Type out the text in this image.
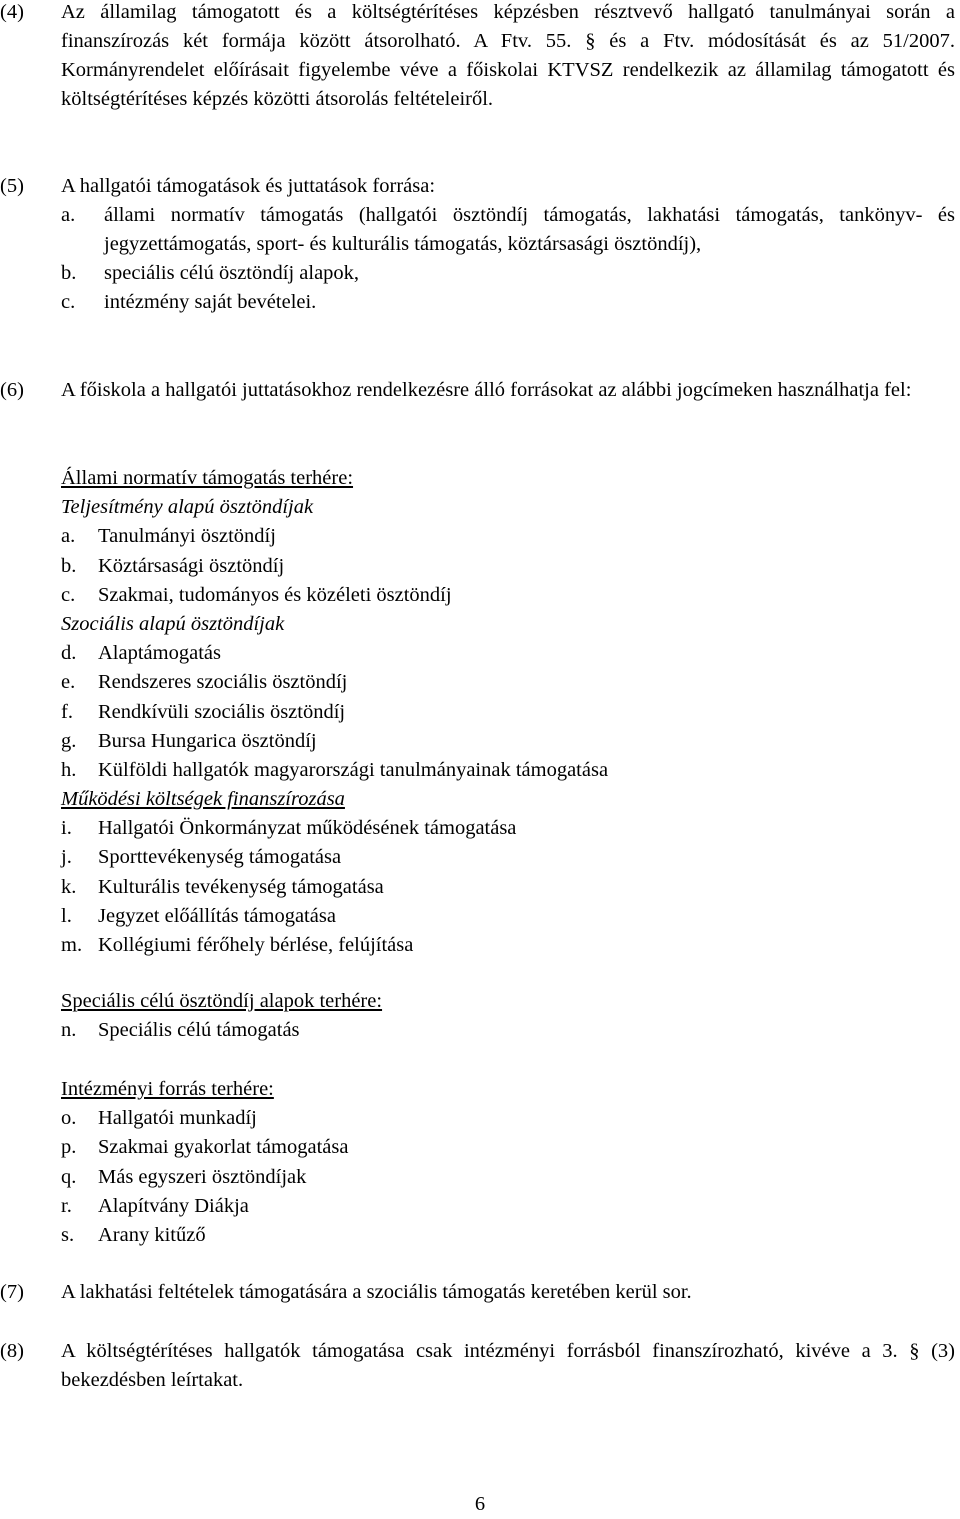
(4)	Az államilag támogatott és a költségtérítéses képzésben résztvevő hallgató tanulmányai során a finanszírozás két formája között átsorolható. A Ftv. 55. § és a Ftv. módosítását és az 51/2007. Kormányrendelet előírásait figyelembe véve a főiskolai KTVSZ rendelkezik az államilag támogatott és költségtérítéses képzés közötti átsorolás feltételeiről.
(5)	A hallgatói támogatások és juttatások forrása:
a. állami normatív támogatás (hallgatói ösztöndíj támogatás, lakhatási támogatás, tankönyv- és jegyzettámogatás, sport- és kulturális támogatás, köztársasági ösztöndíj),
b. speciális célú ösztöndíj alapok,
c. intézmény saját bevételei.
(6)	A főiskola a hallgatói juttatásokhoz rendelkezésre álló forrásokat az alábbi jogcímeken használhatja fel:
Állami normatív támogatás terhére:
Teljesítmény alapú ösztöndíjak
a. Tanulmányi ösztöndíj
b. Köztársasági ösztöndíj
c. Szakmai, tudományos és közéleti ösztöndíj
Szociális alapú ösztöndíjak
d. Alaptámogatás
e. Rendszeres szociális ösztöndíj
f. Rendkívüli szociális ösztöndíj
g. Bursa Hungarica ösztöndíj
h. Külföldi hallgatók magyarországi tanulmányainak támogatása
Működési költségek finanszírozása
i. Hallgatói Önkormányzat működésének támogatása
j. Sporttevékenység támogatása
k. Kulturális tevékenység támogatása
l. Jegyzet előállítás támogatása
m. Kollégiumi férőhely bérlése, felújítása
Speciális célú ösztöndíj alapok terhére:
n. Speciális célú támogatás
Intézményi forrás terhére:
o. Hallgatói munkadíj
p. Szakmai gyakorlat támogatása
q. Más egyszeri ösztöndíjak
r. Alapítvány Diákja
s. Arany kitűző
(7)	A lakhatási feltételek támogatására a szociális támogatás keretében kerül sor.
(8)	A költségtérítéses hallgatók támogatása csak intézményi forrásból finanszírozható, kivéve a 3. § (3) bekezdésben leírtakat.
6
